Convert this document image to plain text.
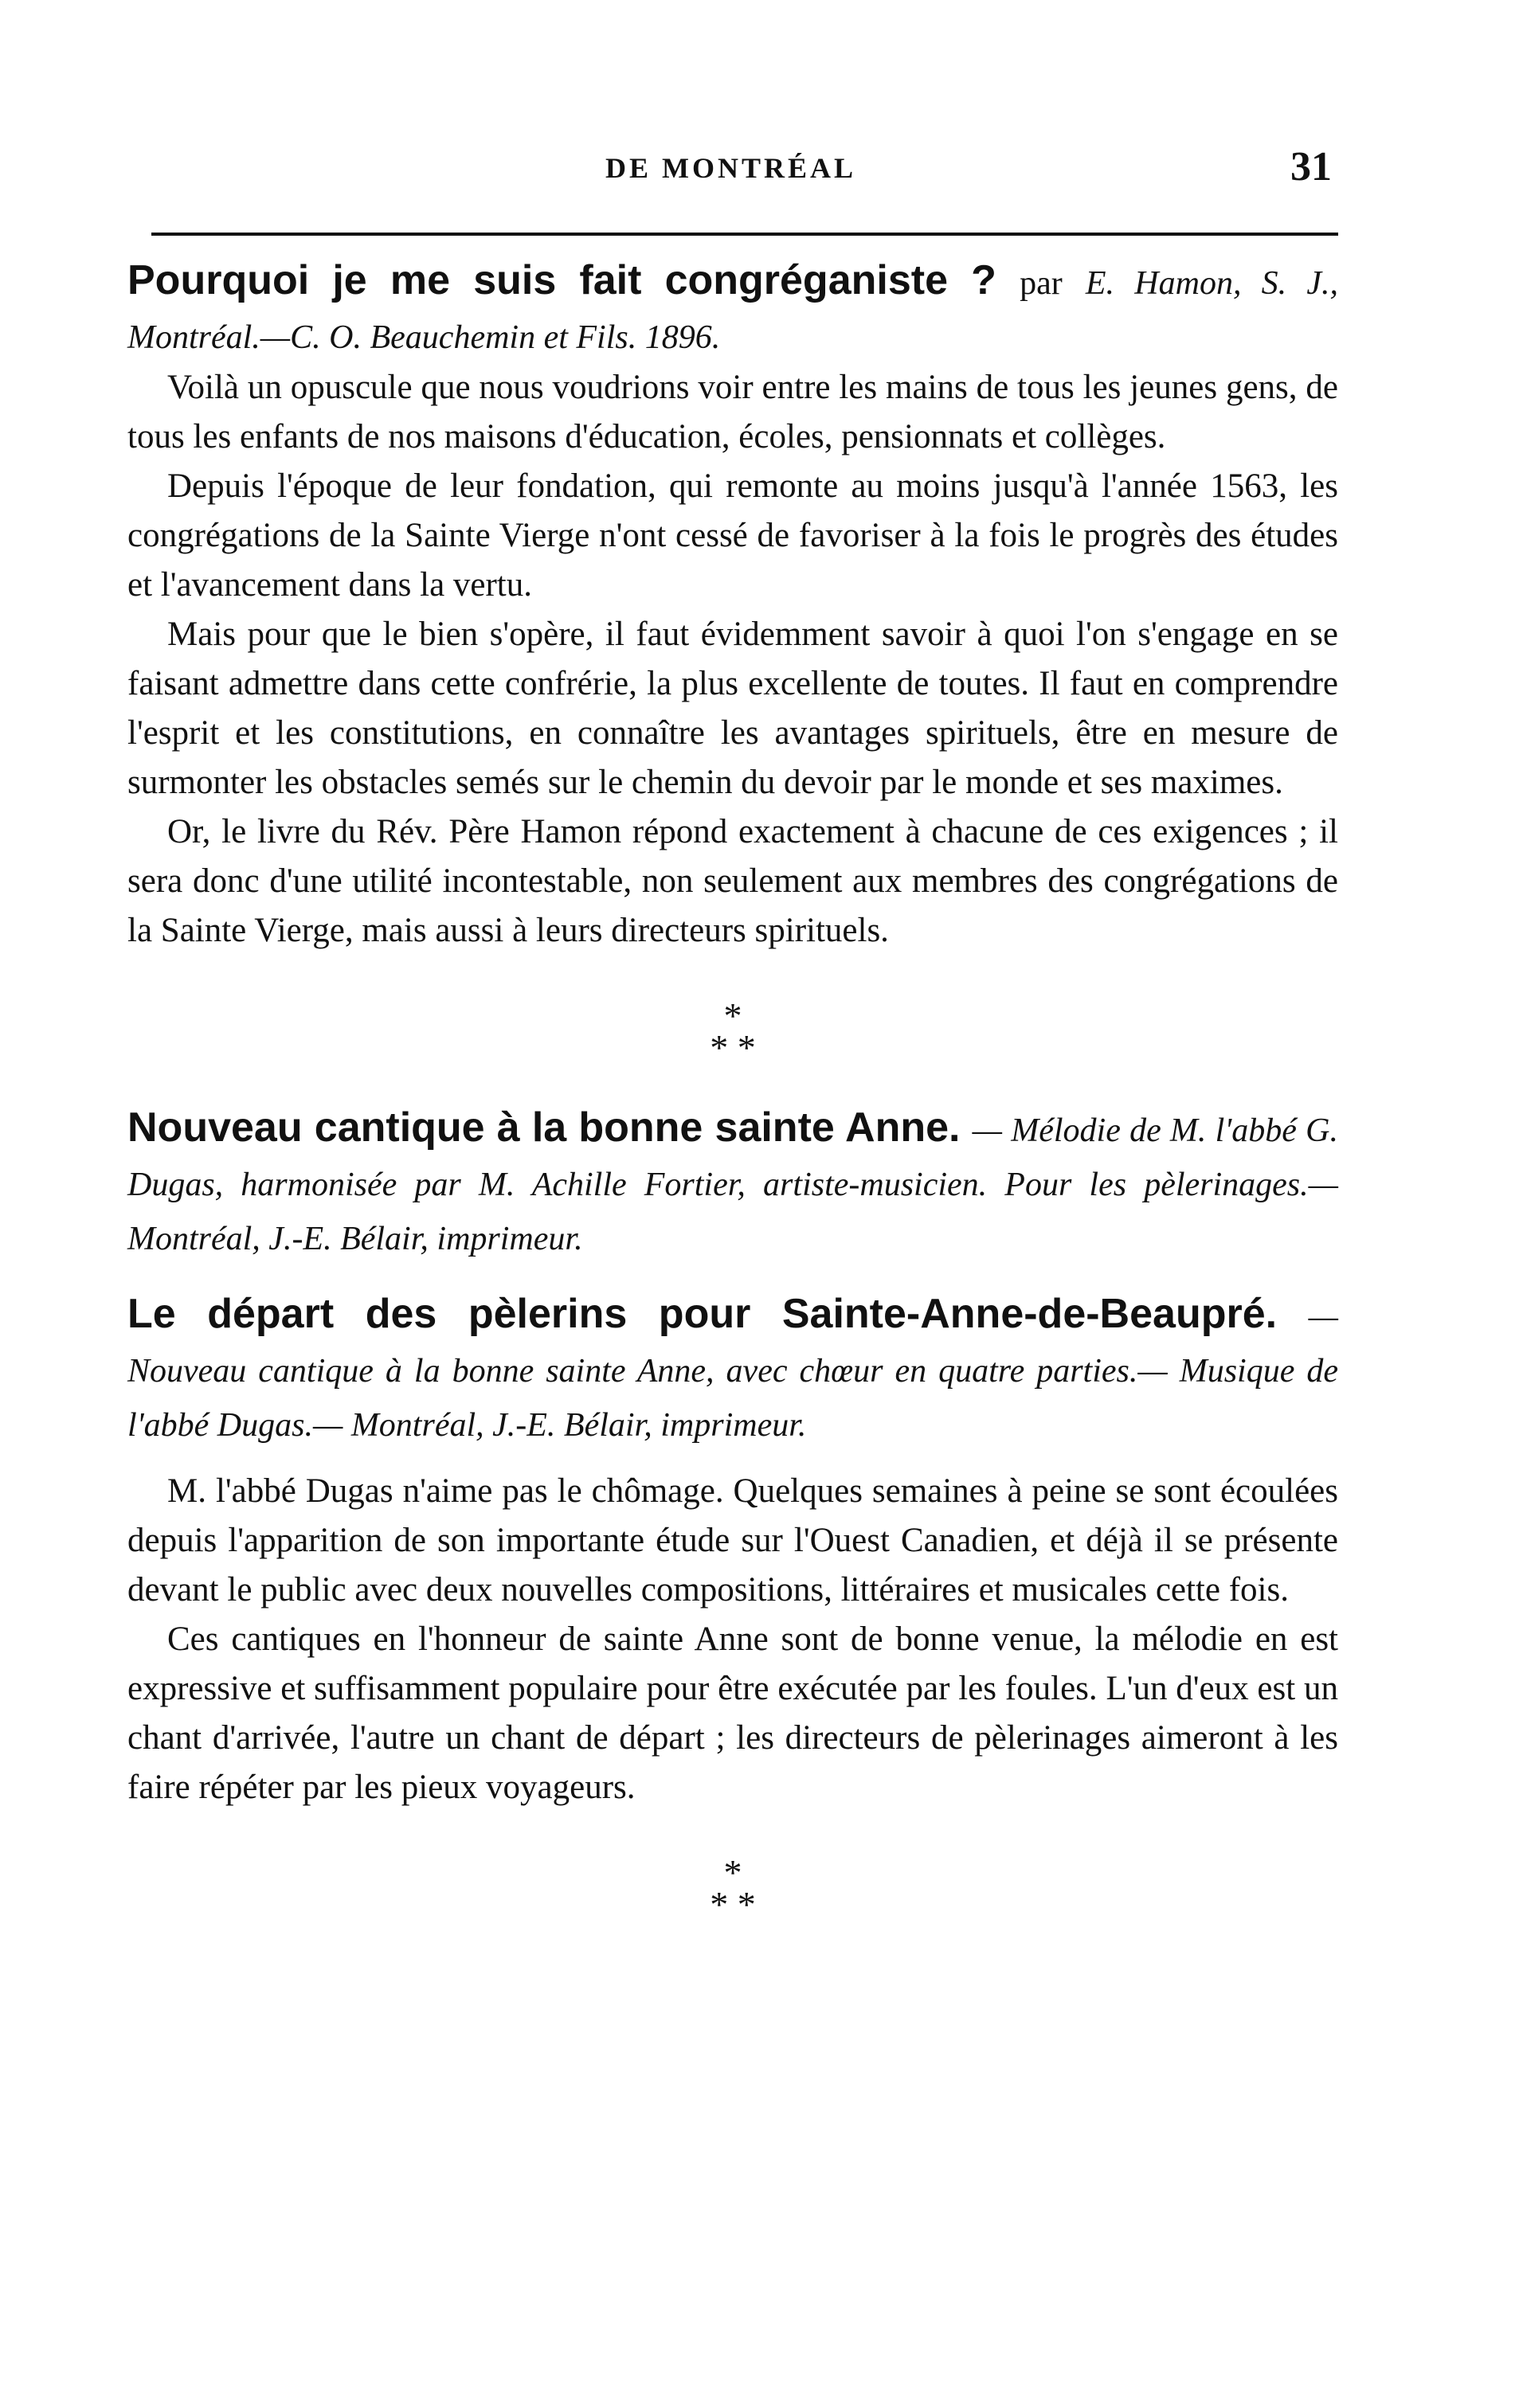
DE MONTRÉAL	31

Pourquoi je me suis fait congréganiste ? par E. Hamon, S. J., Montréal.—C. O. Beauchemin et Fils. 1896.

Voilà un opuscule que nous voudrions voir entre les mains de tous les jeunes gens, de tous les enfants de nos maisons d'éducation, écoles, pensionnats et collèges.

Depuis l'époque de leur fondation, qui remonte au moins jusqu'à l'année 1563, les congrégations de la Sainte Vierge n'ont cessé de favoriser à la fois le progrès des études et l'avancement dans la vertu.

Mais pour que le bien s'opère, il faut évidemment savoir à quoi l'on s'engage en se faisant admettre dans cette confrérie, la plus excellente de toutes. Il faut en comprendre l'esprit et les constitutions, en connaître les avantages spirituels, être en mesure de surmonter les obstacles semés sur le chemin du devoir par le monde et ses maximes.

Or, le livre du Rév. Père Hamon répond exactement à chacune de ces exigences ; il sera donc d'une utilité incontestable, non seulement aux membres des congrégations de la Sainte Vierge, mais aussi à leurs directeurs spirituels.

*
* *

Nouveau cantique à la bonne sainte Anne. — Mélodie de M. l'abbé G. Dugas, harmonisée par M. Achille Fortier, artiste-musicien. Pour les pèlerinages.— Montréal, J.-E. Bélair, imprimeur.

Le départ des pèlerins pour Sainte-Anne-de-Beaupré. — Nouveau cantique à la bonne sainte Anne, avec chœur en quatre parties.— Musique de l'abbé Dugas.— Montréal, J.-E. Bélair, imprimeur.

M. l'abbé Dugas n'aime pas le chômage. Quelques semaines à peine se sont écoulées depuis l'apparition de son importante étude sur l'Ouest Canadien, et déjà il se présente devant le public avec deux nouvelles compositions, littéraires et musicales cette fois.

Ces cantiques en l'honneur de sainte Anne sont de bonne venue, la mélodie en est expressive et suffisamment populaire pour être exécutée par les foules. L'un d'eux est un chant d'arrivée, l'autre un chant de départ ; les directeurs de pèlerinages aimeront à les faire répéter par les pieux voyageurs.

*
* *
